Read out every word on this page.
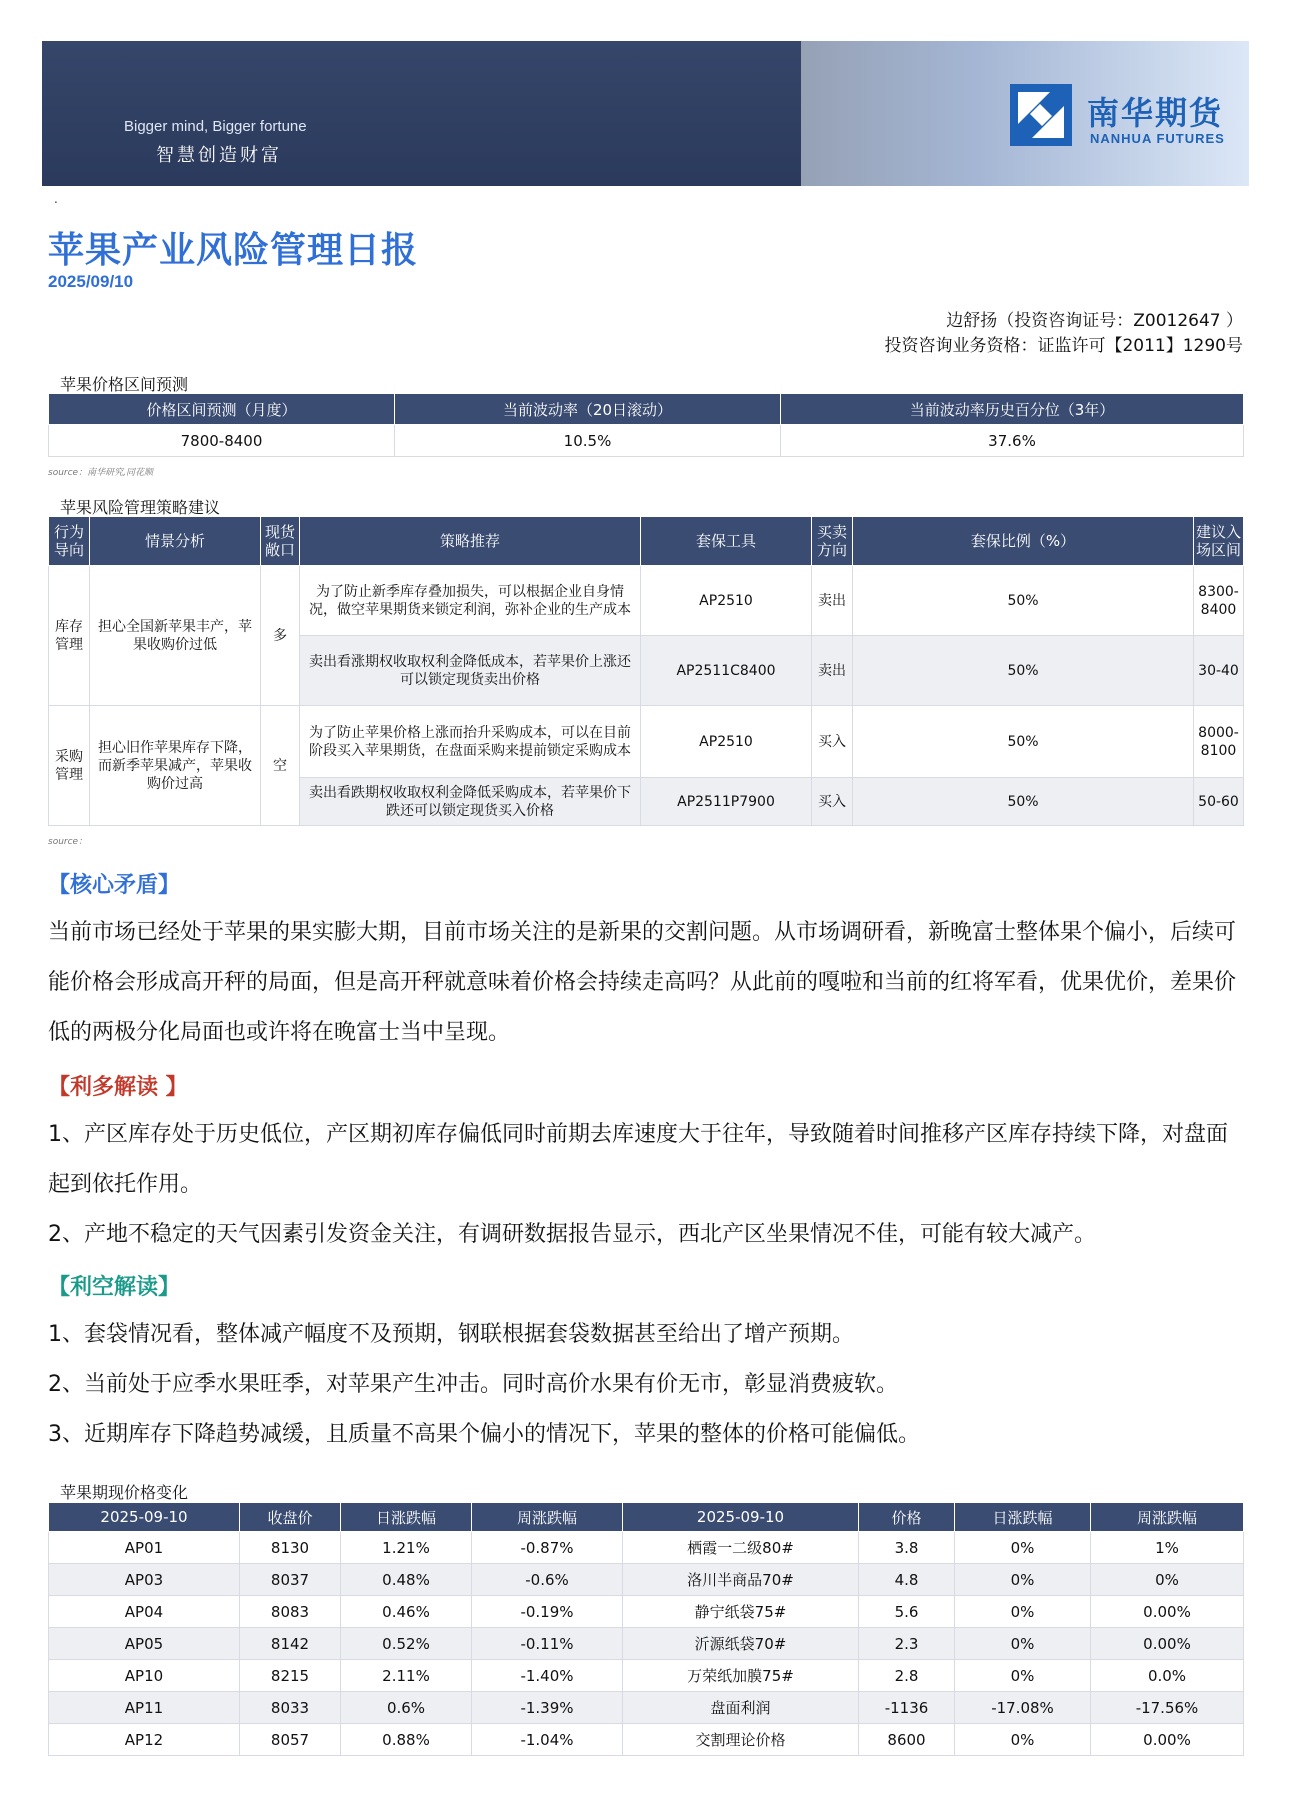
Bigger mind, Bigger fortune
智慧创造财富
南华期货
NANHUA FUTURES
.
苹果产业风险管理日报
2025/09/10
边舒扬（投资咨询证号：Z0012647 ）
投资咨询业务资格：证监许可【2011】1290号
苹果价格区间预测
价格区间预测（月度）	当前波动率（20日滚动）	当前波动率历史百分位（3年）
7800-8400	10.5%	37.6%
source：南华研究,同花顺
苹果风险管理策略建议
行为导向	情景分析	现货敞口	策略推荐	套保工具	买卖方向	套保比例（%）	建议入场区间
库存管理	担心全国新苹果丰产，苹果收购价过低	多	为了防止新季库存叠加损失，可以根据企业自身情况，做空苹果期货来锁定利润，弥补企业的生产成本	AP2510	卖出	50%	8300-8400
			卖出看涨期权收取权利金降低成本，若苹果价上涨还可以锁定现货卖出价格	AP2511C8400	卖出	50%	30-40
采购管理	担心旧作苹果库存下降，而新季苹果减产，苹果收购价过高	空	为了防止苹果价格上涨而抬升采购成本，可以在目前阶段买入苹果期货，在盘面采购来提前锁定采购成本	AP2510	买入	50%	8000-8100
			卖出看跌期权收取权利金降低采购成本，若苹果价下跌还可以锁定现货买入价格	AP2511P7900	买入	50%	50-60
source：
【核心矛盾】
当前市场已经处于苹果的果实膨大期，目前市场关注的是新果的交割问题。从市场调研看，新晚富士整体果个偏小，后续可能价格会形成高开秤的局面，但是高开秤就意味着价格会持续走高吗？从此前的嘎啦和当前的红将军看，优果优价，差果价低的两极分化局面也或许将在晚富士当中呈现。
【利多解读 】
1、产区库存处于历史低位，产区期初库存偏低同时前期去库速度大于往年，导致随着时间推移产区库存持续下降，对盘面起到依托作用。
2、产地不稳定的天气因素引发资金关注，有调研数据报告显示，西北产区坐果情况不佳，可能有较大减产。
【利空解读】
1、套袋情况看，整体减产幅度不及预期，钢联根据套袋数据甚至给出了增产预期。
2、当前处于应季水果旺季，对苹果产生冲击。同时高价水果有价无市，彰显消费疲软。
3、近期库存下降趋势减缓，且质量不高果个偏小的情况下，苹果的整体的价格可能偏低。
苹果期现价格变化
2025-09-10	收盘价	日涨跌幅	周涨跌幅	2025-09-10	价格	日涨跌幅	周涨跌幅
AP01	8130	1.21%	-0.87%	栖霞一二级80#	3.8	0%	1%
AP03	8037	0.48%	-0.6%	洛川半商品70#	4.8	0%	0%
AP04	8083	0.46%	-0.19%	静宁纸袋75#	5.6	0%	0.00%
AP05	8142	0.52%	-0.11%	沂源纸袋70#	2.3	0%	0.00%
AP10	8215	2.11%	-1.40%	万荣纸加膜75#	2.8	0%	0.0%
AP11	8033	0.6%	-1.39%	盘面利润	-1136	-17.08%	-17.56%
AP12	8057	0.88%	-1.04%	交割理论价格	8600	0%	0.00%
